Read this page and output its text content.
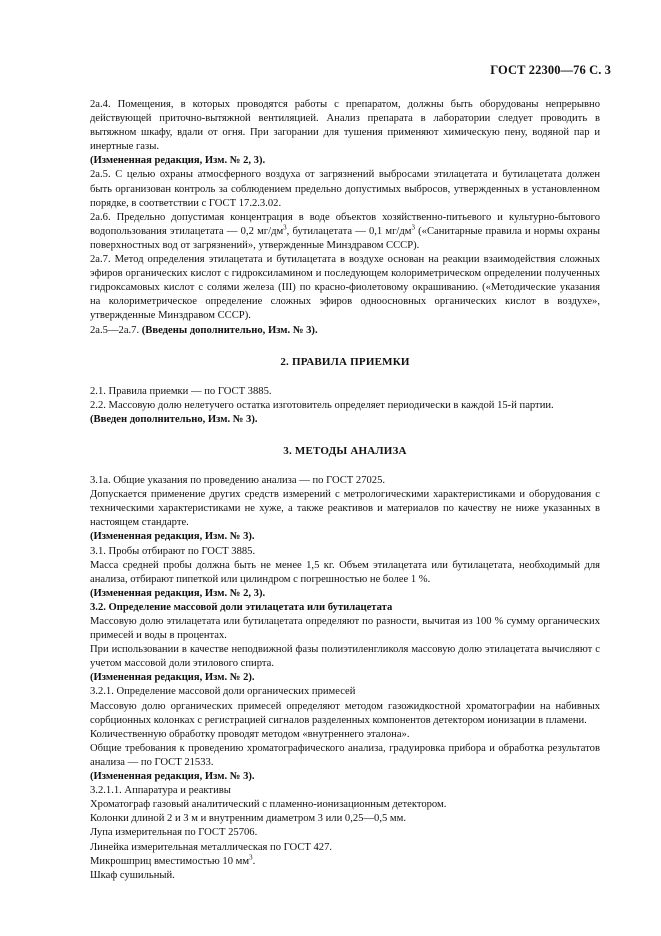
ГОСТ 22300—76 С. 3

2а.4. Помещения, в которых проводятся работы с препаратом, должны быть оборудованы непрерывно действующей приточно-вытяжной вентиляцией. Анализ препарата в лаборатории следует проводить в вытяжном шкафу, вдали от огня. При загорании для тушения применяют химическую пену, водяной пар и инертные газы.

(Измененная редакция, Изм. № 2, 3).

2а.5. С целью охраны атмосферного воздуха от загрязнений выбросами этилацетата и бутилацетата должен быть организован контроль за соблюдением предельно допустимых выбросов, утвержденных в установленном порядке, в соответствии с ГОСТ 17.2.3.02.

2а.6. Предельно допустимая концентрация в воде объектов хозяйственно-питьевого и культурно-бытового водопользования этилацетата — 0,2 $мг/дм^3$, бутилацетата — 0,1 $мг/дм^3$ («Санитарные правила и нормы охраны поверхностных вод от загрязнений», утвержденные Минздравом СССР).

2а.7. Метод определения этилацетата и бутилацетата в воздухе основан на реакции взаимодействия сложных эфиров органических кислот с гидроксиламином и последующем колориметрическом определении полученных гидроксамовых кислот с солями железа (III) по красно-фиолетовому окрашиванию. («Методические указания на колориметрическое определение сложных эфиров одноосновных органических кислот в воздухе», утвержденные Минздравом СССР).

2а.5—2а.7. (Введены дополнительно, Изм. № 3).

2. ПРАВИЛА ПРИЕМКИ

2.1. Правила приемки — по ГОСТ 3885.

2.2. Массовую долю нелетучего остатка изготовитель определяет периодически в каждой 15-й партии.

(Введен дополнительно, Изм. № 3).

3. МЕТОДЫ АНАЛИЗА

3.1а. Общие указания по проведению анализа — по ГОСТ 27025.

Допускается применение других средств измерений с метрологическими характеристиками и оборудования с техническими характеристиками не хуже, а также реактивов и материалов по качеству не ниже указанных в настоящем стандарте.

(Измененная редакция, Изм. № 3).

3.1. Пробы отбирают по ГОСТ 3885.

Масса средней пробы должна быть не менее 1,5 кг. Объем этилацетата или бутилацетата, необходимый для анализа, отбирают пипеткой или цилиндром с погрешностью не более 1 %.

(Измененная редакция, Изм. № 2, 3).

3.2. Определение массовой доли этилацетата или бутилацетата

Массовую долю этилацетата или бутилацетата определяют по разности, вычитая из 100 % сумму органических примесей и воды в процентах.

При использовании в качестве неподвижной фазы полиэтиленгликоля массовую долю этилацетата вычисляют с учетом массовой доли этилового спирта.

(Измененная редакция, Изм. № 2).

3.2.1. Определение массовой доли органических примесей

Массовую долю органических примесей определяют методом газожидкостной хроматографии на набивных сорбционных колонках с регистрацией сигналов разделенных компонентов детектором ионизации в пламени.

Количественную обработку проводят методом «внутреннего эталона».

Общие требования к проведению хроматографического анализа, градуировка прибора и обработка результатов анализа — по ГОСТ 21533.

(Измененная редакция, Изм. № 3).

3.2.1.1. Аппаратура и реактивы

Хроматограф газовый аналитический с пламенно-ионизационным детектором.

Колонки длиной 2 и 3 м и внутренним диаметром 3 или 0,25—0,5 мм.

Лупа измерительная по ГОСТ 25706.

Линейка измерительная металлическая по ГОСТ 427.

Микрошприц вместимостью 10 $мм^3$.

Шкаф сушильный.
